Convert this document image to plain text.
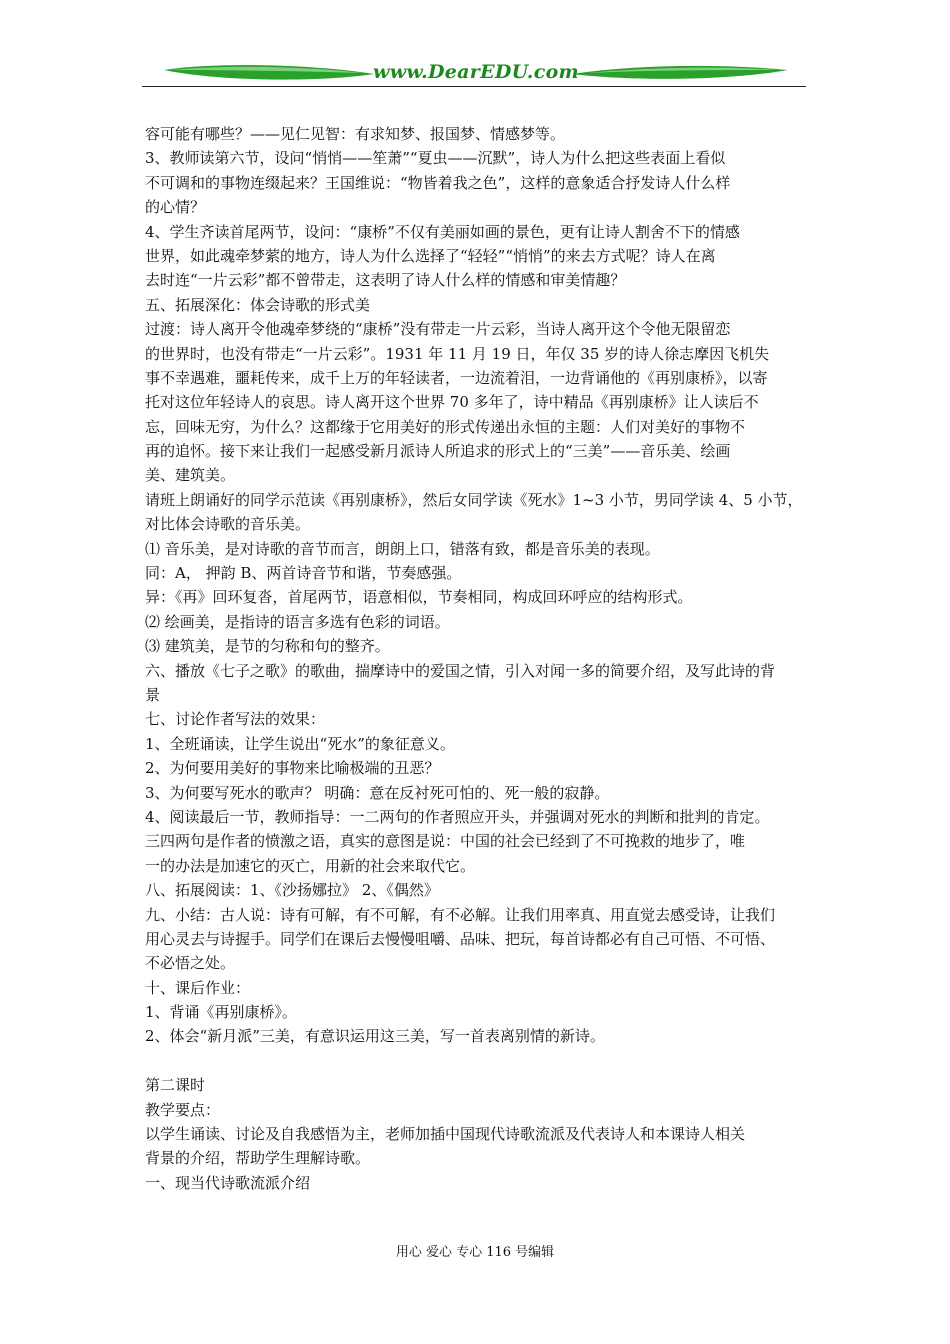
www.DearEDU.com
容可能有哪些？——见仁见智：有求知梦、报国梦、情感梦等。
3、教师读第六节，设问“悄悄——笙萧”“夏虫——沉默”，诗人为什么把这些表面上看似
不可调和的事物连缀起来？王国维说：“物皆着我之色”，这样的意象适合抒发诗人什么样
的心情？
4、学生齐读首尾两节，设问：“康桥”不仅有美丽如画的景色，更有让诗人割舍不下的情感
世界，如此魂牵梦萦的地方，诗人为什么选择了“轻轻”“悄悄”的来去方式呢？诗人在离
去时连“一片云彩”都不曾带走，这表明了诗人什么样的情感和审美情趣？
五、拓展深化：体会诗歌的形式美
过渡：诗人离开令他魂牵梦绕的“康桥”没有带走一片云彩，当诗人离开这个令他无限留恋
的世界时，也没有带走“一片云彩”。1931 年 11 月 19 日，年仅 35 岁的诗人徐志摩因飞机失
事不幸遇难，噩耗传来，成千上万的年轻读者，一边流着泪，一边背诵他的《再别康桥》，以寄
托对这位年轻诗人的哀思。诗人离开这个世界 70 多年了，诗中精品《再别康桥》让人读后不
忘，回味无穷，为什么？这都缘于它用美好的形式传递出永恒的主题：人们对美好的事物不
再的追怀。接下来让我们一起感受新月派诗人所追求的形式上的“三美”——音乐美、绘画
美、建筑美。
请班上朗诵好的同学示范读《再别康桥》，然后女同学读《死水》1~3 小节，男同学读 4、5 小节，
对比体会诗歌的音乐美。
⑴ 音乐美，是对诗歌的音节而言，朗朗上口，错落有致，都是音乐美的表现。
同：A， 押韵 B、两首诗音节和谐，节奏感强。
异：《再》回环复沓，首尾两节，语意相似，节奏相同，构成回环呼应的结构形式。
⑵ 绘画美，是指诗的语言多选有色彩的词语。
⑶ 建筑美，是节的匀称和句的整齐。
六、播放《七子之歌》的歌曲，揣摩诗中的爱国之情，引入对闻一多的简要介绍，及写此诗的背
景
七、讨论作者写法的效果：
1、全班诵读，让学生说出“死水”的象征意义。
2、为何要用美好的事物来比喻极端的丑恶？
3、为何要写死水的歌声？ 明确：意在反衬死可怕的、死一般的寂静。
4、阅读最后一节，教师指导：一二两句的作者照应开头，并强调对死水的判断和批判的肯定。
三四两句是作者的愤激之语，真实的意图是说：中国的社会已经到了不可挽救的地步了，唯
一的办法是加速它的灭亡，用新的社会来取代它。
八、拓展阅读：1、《沙扬娜拉》 2、《偶然》
九、小结：古人说：诗有可解，有不可解，有不必解。让我们用率真、用直觉去感受诗，让我们
用心灵去与诗握手。同学们在课后去慢慢咀嚼、品味、把玩，每首诗都必有自己可悟、不可悟、
不必悟之处。
十、课后作业：
1、背诵《再别康桥》。
2、体会“新月派”三美，有意识运用这三美，写一首表离别情的新诗。
第二课时
教学要点：
以学生诵读、讨论及自我感悟为主，老师加插中国现代诗歌流派及代表诗人和本课诗人相关
背景的介绍，帮助学生理解诗歌。
一、现当代诗歌流派介绍
用心 爱心 专心 116 号编辑
